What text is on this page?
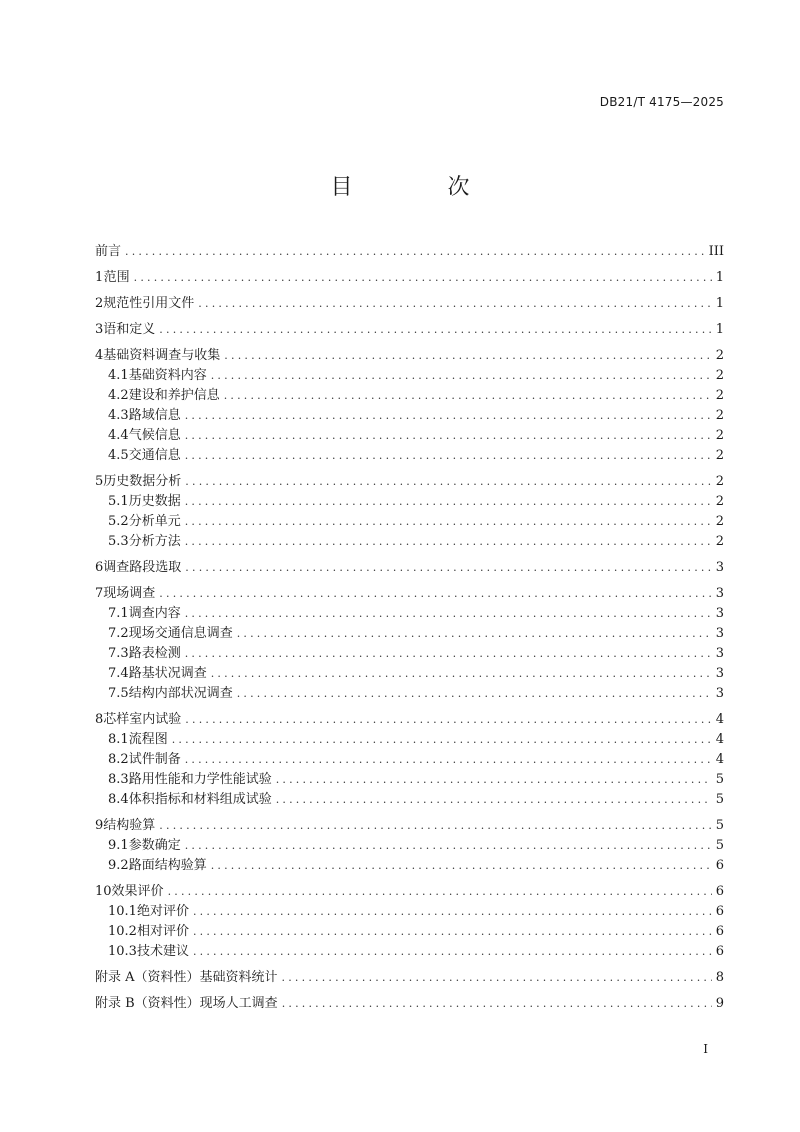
DB21/T 4175—2025
目 次
前言 .....	III
1 范围 .....	1
2 规范性引用文件 .....	1
3 语和定义 .....	1
4 基础资料调查与收集 .....	2
4.1 基础资料内容 .....	2
4.2 建设和养护信息 .....	2
4.3 路域信息 .....	2
4.4 气候信息 .....	2
4.5 交通信息 .....	2
5 历史数据分析 .....	2
5.1 历史数据 .....	2
5.2 分析单元 .....	2
5.3 分析方法 .....	2
6 调查路段选取 .....	3
7 现场调查 .....	3
7.1 调查内容 .....	3
7.2 现场交通信息调查 .....	3
7.3 路表检测 .....	3
7.4 路基状况调查 .....	3
7.5 结构内部状况调查 .....	3
8 芯样室内试验 .....	4
8.1 流程图 .....	4
8.2 试件制备 .....	4
8.3 路用性能和力学性能试验 .....	5
8.4 体积指标和材料组成试验 .....	5
9 结构验算 .....	5
9.1 参数确定 .....	5
9.2 路面结构验算 .....	6
10 效果评价 .....	6
10.1 绝对评价 .....	6
10.2 相对评价 .....	6
10.3 技术建议 .....	6
附录 A（资料性）基础资料统计 .....	8
附录 B（资料性）现场人工调查 .....	9
I
